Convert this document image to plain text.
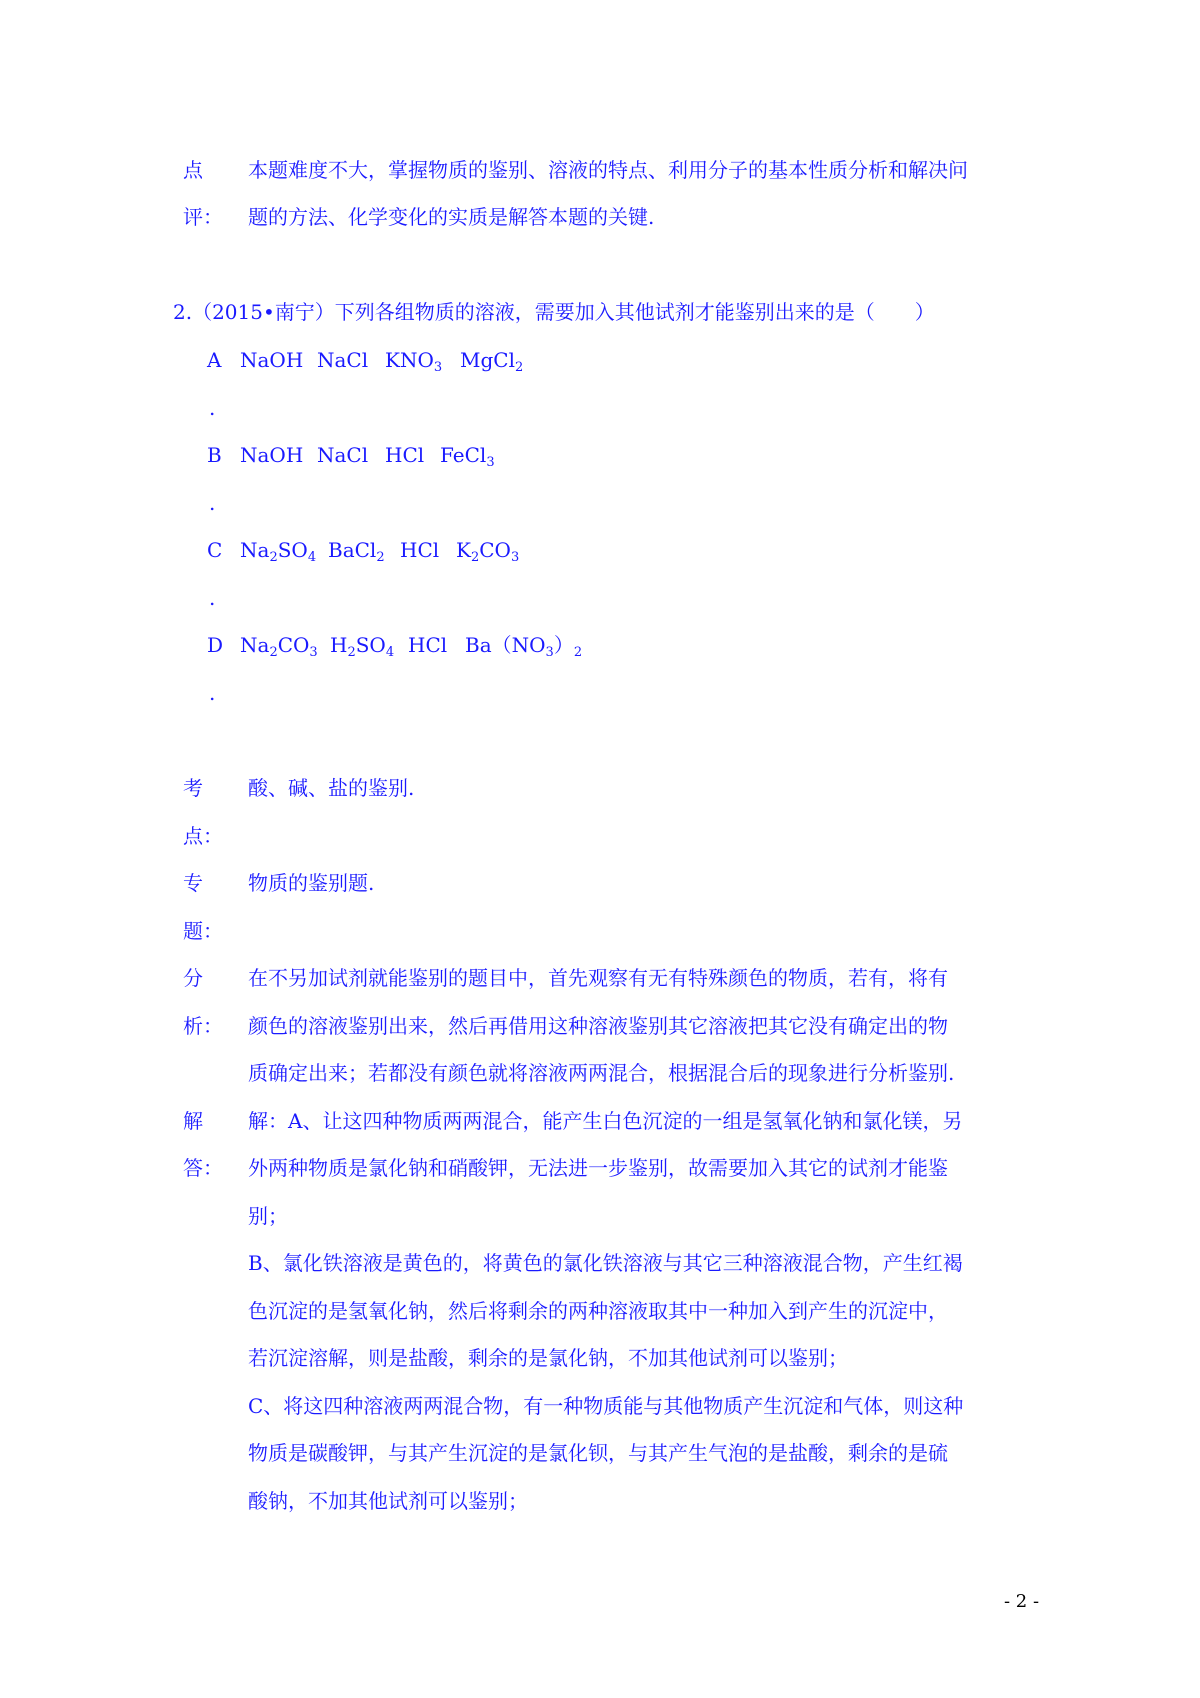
点	本题难度不大，掌握物质的鉴别、溶液的特点、利用分子的基本性质分析和解决问
评： 题的方法、化学变化的实质是解答本题的关键.
2.（2015•南宁）下列各组物质的溶液，需要加入其他试剂才能鉴别出来的是（　　）
A NaOH NaCl $KNO_3$ MgCl$_2$
.
B NaOH NaCl HCl FeCl$_3$
.
C $Na_2SO_4$ BaCl$_2$ HCl $K_2CO_3$
.
D $Na_2CO_3$ $H_2SO_4$ HCl $Ba(NO_3)_2$
.
考	酸、碱、盐的鉴别.
点：
专	物质的鉴别题.
题：
分
析：
在不另加试剂就能鉴别的题目中，首先观察有无有特殊颜色的物质，若有，将有
颜色的溶液鉴别出来，然后再借用这种溶液鉴别其它溶液把其它没有确定出的物
质确定出来；若都没有颜色就将溶液两两混合，根据混合后的现象进行分析鉴别.
解
答：
解：A、让这四种物质两两混合，能产生白色沉淀的一组是氢氧化钠和氯化镁，另
外两种物质是氯化钠和硝酸钾，无法进一步鉴别，故需要加入其它的试剂才能鉴
别；
B、氯化铁溶液是黄色的，将黄色的氯化铁溶液与其它三种溶液混合物，产生红褐
色沉淀的是氢氧化钠，然后将剩余的两种溶液取其中一种加入到产生的沉淀中，
若沉淀溶解，则是盐酸，剩余的是氯化钠，不加其他试剂可以鉴别；
C、将这四种溶液两两混合物，有一种物质能与其他物质产生沉淀和气体，则这种
物质是碳酸钾，与其产生沉淀的是氯化钡，与其产生气泡的是盐酸，剩余的是硫
酸钠，不加其他试剂可以鉴别；
- 2 -
